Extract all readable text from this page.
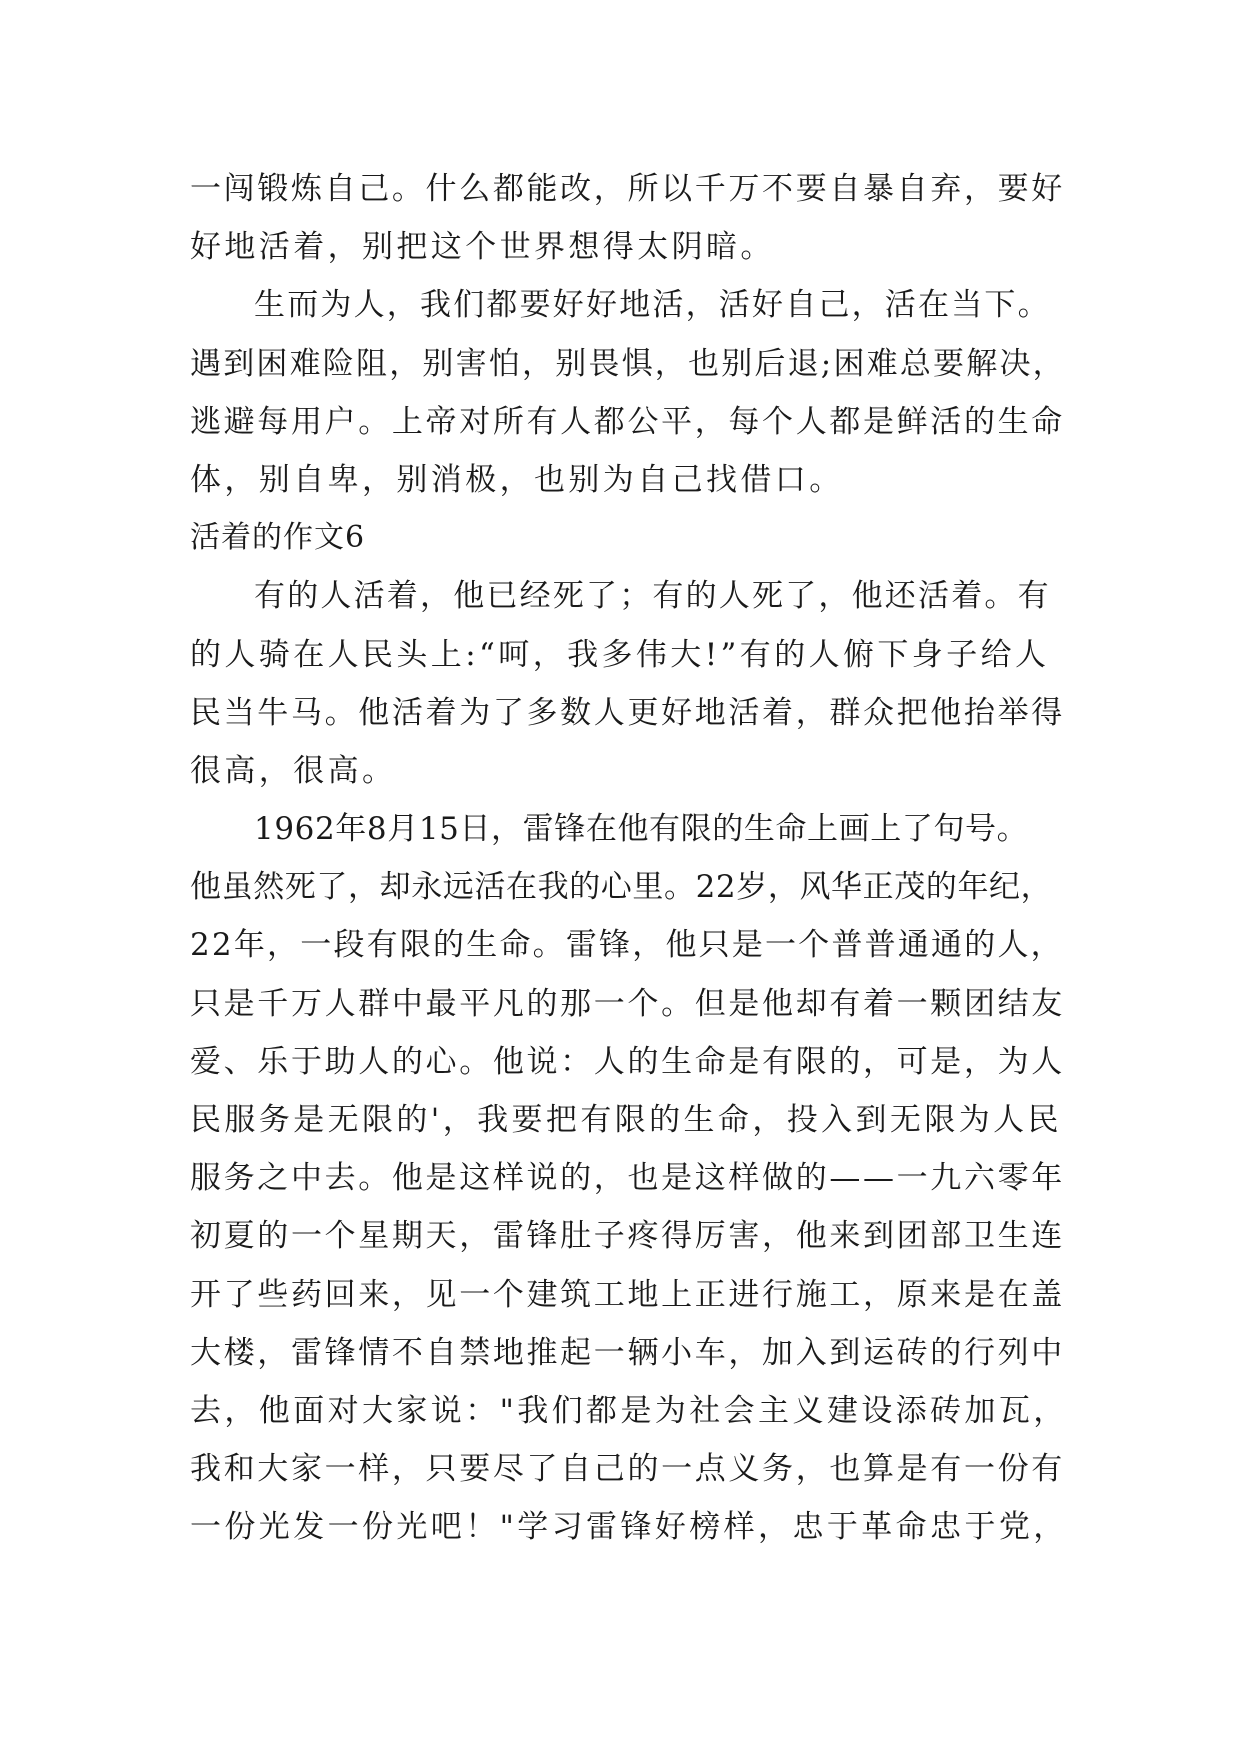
一闯锻炼自己。什么都能改，所以千万不要自暴自弃，要好

好地活着，别把这个世界想得太阴暗。

生而为人，我们都要好好地活，活好自己，活在当下。

遇到困难险阻，别害怕，别畏惧，也别后退;困难总要解决，

逃避每用户。上帝对所有人都公平，每个人都是鲜活的生命

体，别自卑，别消极，也别为自己找借口。

活着的作文6

有的人活着，他已经死了；有的人死了，他还活着。有

的人骑在人民头上:“呵，我多伟大!”有的人俯下身子给人

民当牛马。他活着为了多数人更好地活着，群众把他抬举得

很高，很高。

1962年8月15日，雷锋在他有限的生命上画上了句号。

他虽然死了，却永远活在我的心里。22岁，风华正茂的年纪，

22年，一段有限的生命。雷锋，他只是一个普普通通的人，

只是千万人群中最平凡的那一个。但是他却有着一颗团结友

爱、乐于助人的心。他说：人的生命是有限的，可是，为人

民服务是无限的'，我要把有限的生命，投入到无限为人民

服务之中去。他是这样说的，也是这样做的——一九六零年

初夏的一个星期天，雷锋肚子疼得厉害，他来到团部卫生连

开了些药回来，见一个建筑工地上正进行施工，原来是在盖

大楼，雷锋情不自禁地推起一辆小车，加入到运砖的行列中

去，他面对大家说："我们都是为社会主义建设添砖加瓦，

我和大家一样，只要尽了自己的一点义务，也算是有一份有

一份光发一份光吧！"学习雷锋好榜样，忠于革命忠于党，
